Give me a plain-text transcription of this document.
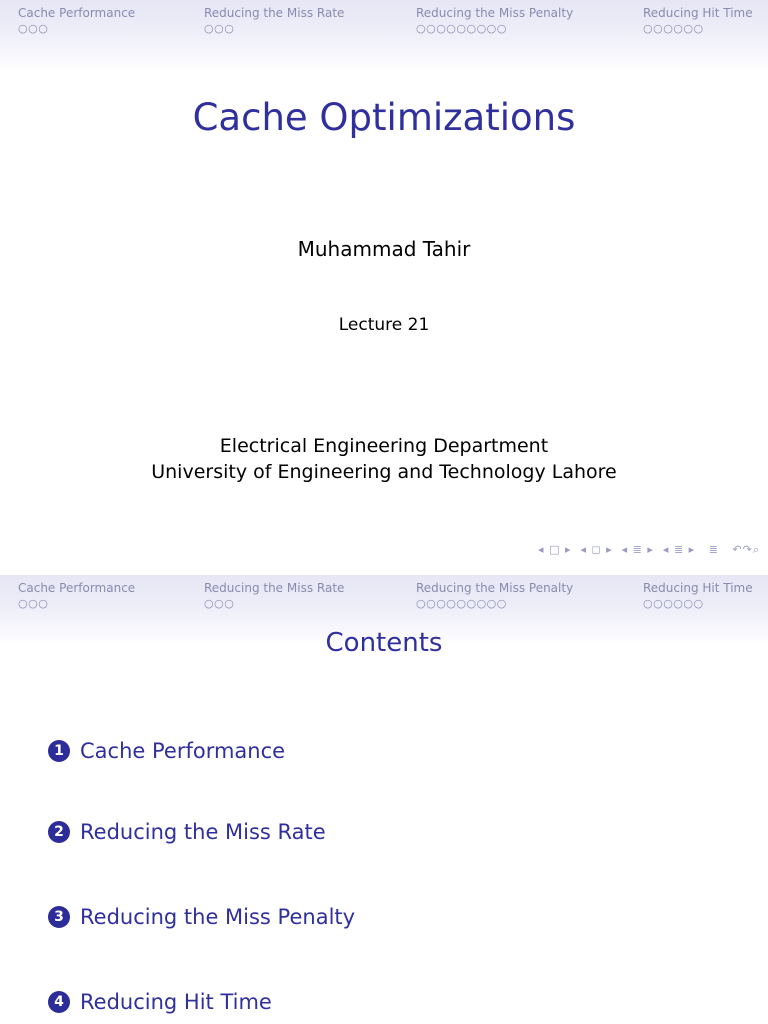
Cache Performance
○○○
Reducing the Miss Rate
○○○
Reducing the Miss Penalty
○○○○○○○○○
Reducing Hit Time
○○○○○○
Cache Optimizations
Muhammad Tahir
Lecture 21
Electrical Engineering Department
University of Engineering and Technology Lahore
◂ □ ▸ ◂ ◻ ▸ ◂ ≣ ▸ ◂ ≣ ▸ ≣ ↶↷⌕
Cache Performance
○○○
Reducing the Miss Rate
○○○
Reducing the Miss Penalty
○○○○○○○○○
Reducing Hit Time
○○○○○○
Contents
1 Cache Performance
2 Reducing the Miss Rate
3 Reducing the Miss Penalty
4 Reducing Hit Time
